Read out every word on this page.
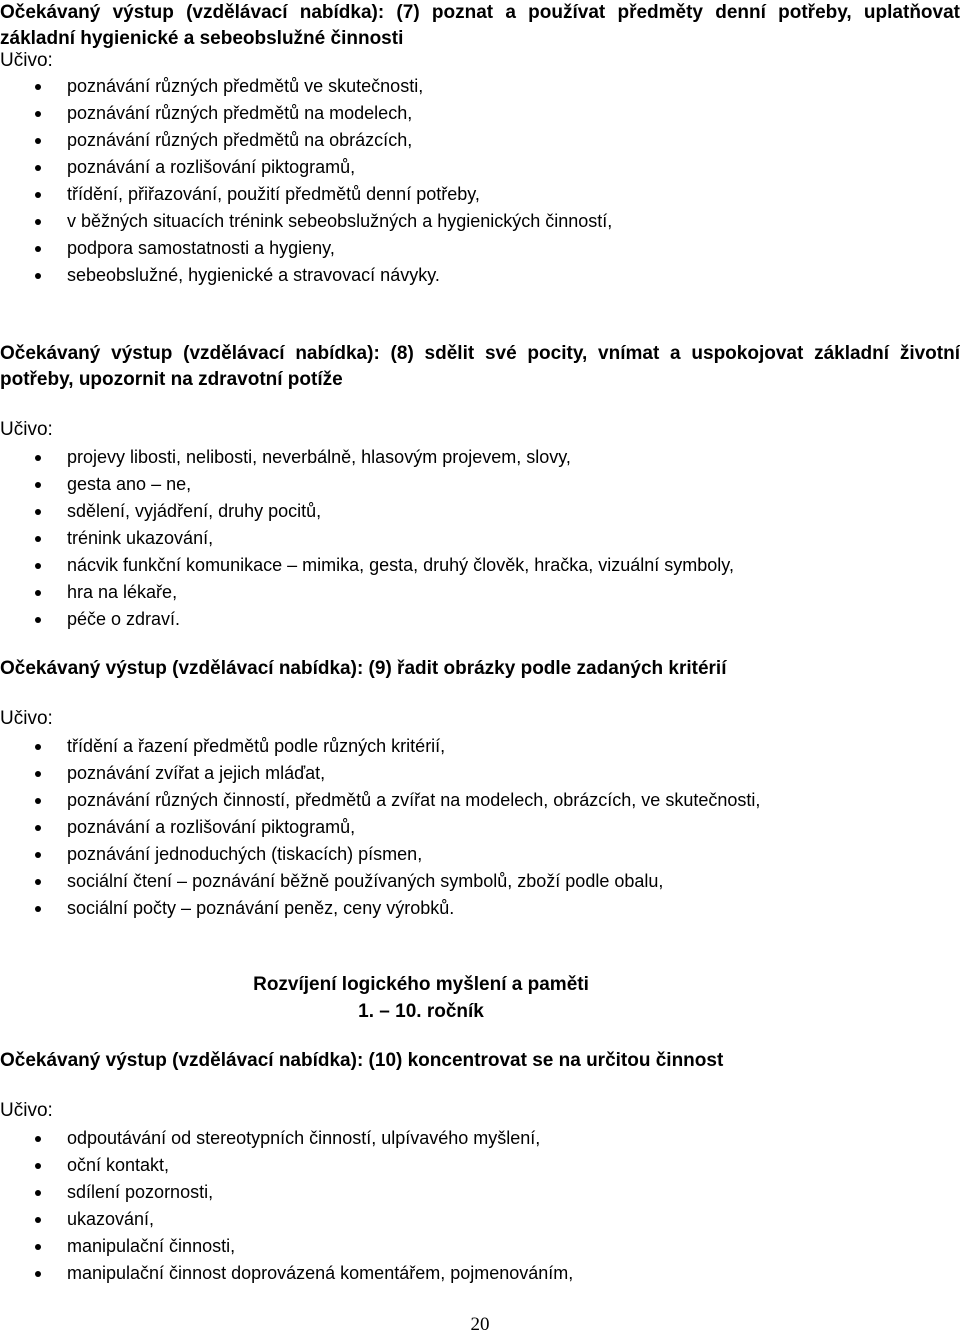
Očekávaný výstup (vzdělávací nabídka): (7) poznat a používat předměty denní potřeby, uplatňovat základní hygienické a sebeobslužné činnosti

Učivo:
poznávání různých předmětů ve skutečnosti,
poznávání různých předmětů na modelech,
poznávání různých předmětů na obrázcích,
poznávání a rozlišování piktogramů,
třídění, přiřazování, použití předmětů denní potřeby,
v běžných situacích trénink sebeobslužných a hygienických činností,
podpora samostatnosti a hygieny,
sebeobslužné, hygienické a stravovací návyky.

Očekávaný výstup (vzdělávací nabídka): (8) sdělit své pocity, vnímat a uspokojovat základní životní potřeby, upozornit na zdravotní potíže

Učivo:
projevy libosti, nelibosti, neverbálně, hlasovým projevem, slovy,
gesta ano – ne,
sdělení, vyjádření, druhy pocitů,
trénink ukazování,
nácvik funkční komunikace – mimika, gesta, druhý člověk, hračka, vizuální symboly,
hra na lékaře,
péče o zdraví.

Očekávaný výstup (vzdělávací nabídka): (9) řadit obrázky podle zadaných kritérií

Učivo:
třídění a řazení předmětů podle různých kritérií,
poznávání zvířat a jejich mláďat,
poznávání různých činností, předmětů a zvířat na modelech, obrázcích, ve skutečnosti,
poznávání a rozlišování piktogramů,
poznávání jednoduchých (tiskacích) písmen,
sociální čtení – poznávání běžně používaných symbolů, zboží podle obalu,
sociální počty – poznávání peněz, ceny výrobků.
Rozvíjení logického myšlení a paměti
1. – 10. ročník

Očekávaný výstup (vzdělávací nabídka): (10) koncentrovat se na určitou činnost

Učivo:
odpoutávání od stereotypních činností, ulpívavého myšlení,
oční kontakt,
sdílení pozornosti,
ukazování,
manipulační činnosti,
manipulační činnost doprovázená komentářem, pojmenováním,
20
